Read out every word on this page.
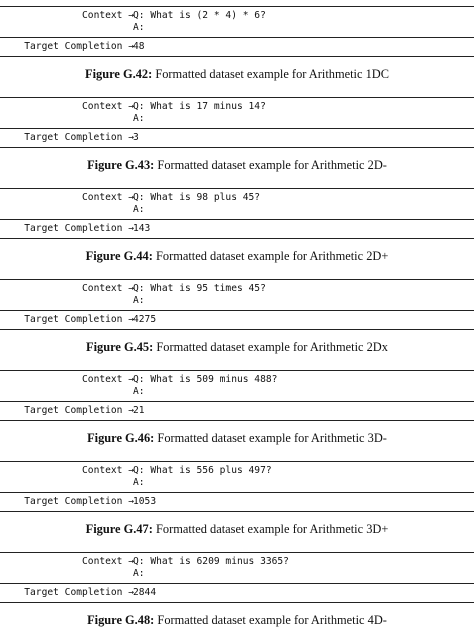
Context → Q: What is (2 * 4) * 6?
A:
Target Completion → 48
Figure G.42: Formatted dataset example for Arithmetic 1DC
Context → Q: What is 17 minus 14?
A:
Target Completion → 3
Figure G.43: Formatted dataset example for Arithmetic 2D-
Context → Q: What is 98 plus 45?
A:
Target Completion → 143
Figure G.44: Formatted dataset example for Arithmetic 2D+
Context → Q: What is 95 times 45?
A:
Target Completion → 4275
Figure G.45: Formatted dataset example for Arithmetic 2Dx
Context → Q: What is 509 minus 488?
A:
Target Completion → 21
Figure G.46: Formatted dataset example for Arithmetic 3D-
Context → Q: What is 556 plus 497?
A:
Target Completion → 1053
Figure G.47: Formatted dataset example for Arithmetic 3D+
Context → Q: What is 6209 minus 3365?
A:
Target Completion → 2844
Figure G.48: Formatted dataset example for Arithmetic 4D-
